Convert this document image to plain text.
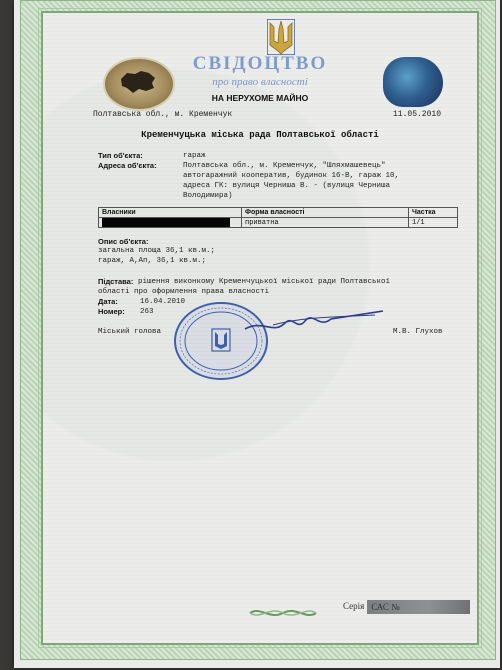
СВІДОЦТВО
про право власності
НА НЕРУХОМЕ МАЙНО
Полтавська обл., м. Кременчук	11.05.2010
Кременчуцька міська рада Полтавської області
Тип об'єкта:	гараж
Адреса об'єкта:	Полтавська обл., м. Кременчук, "Шляхмашевець"
автогаражний кооператив, будинок 16-В, гараж 10,
адреса ГК: вулиця Черниша В. - (вулиця Черниша
Володимира)
Власники	Форма власності	Частка

	приватна	1/1
Опис об'єкта:
загальна площа 36,1 кв.м.;
гараж, А,Ап, 36,1 кв.м.;
Підстава: рішення виконкому Кременчуцької міської ради Полтавської
області про оформлення права власності
Дата:	16.04.2010
Номер: 263
Міський голова	М.В. Глухов
Серія САС №
